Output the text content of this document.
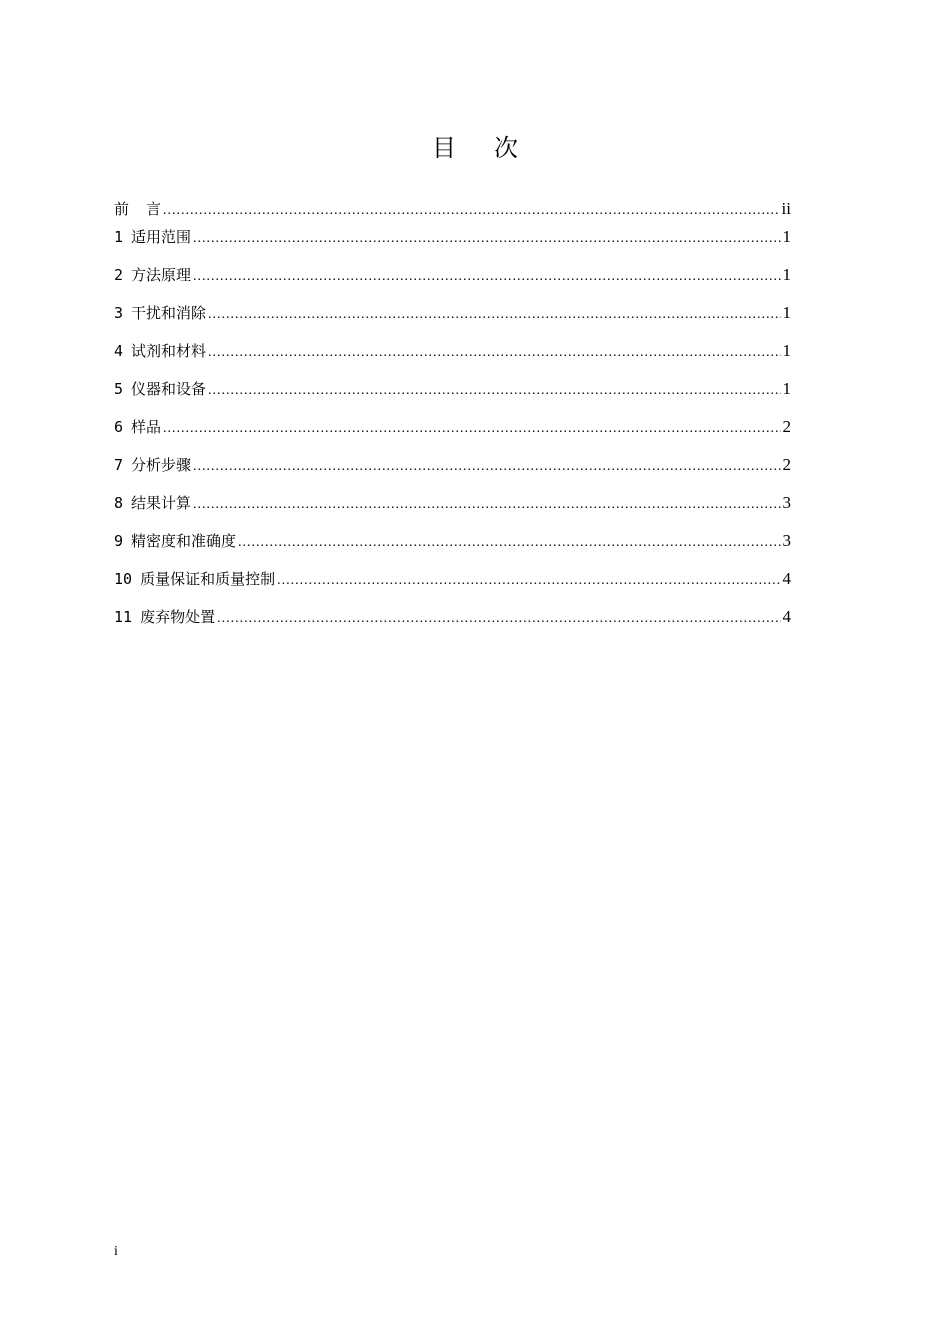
目次
前言 .....	ii
1 适用范围 .....	1
2 方法原理 .....	1
3 干扰和消除 .....	1
4 试剂和材料 .....	1
5 仪器和设备 .....	1
6 样品 .....	2
7 分析步骤 .....	2
8 结果计算 .....	3
9 精密度和准确度 .....	3
10 质量保证和质量控制 .....	4
11 废弃物处置 .....	4
i
